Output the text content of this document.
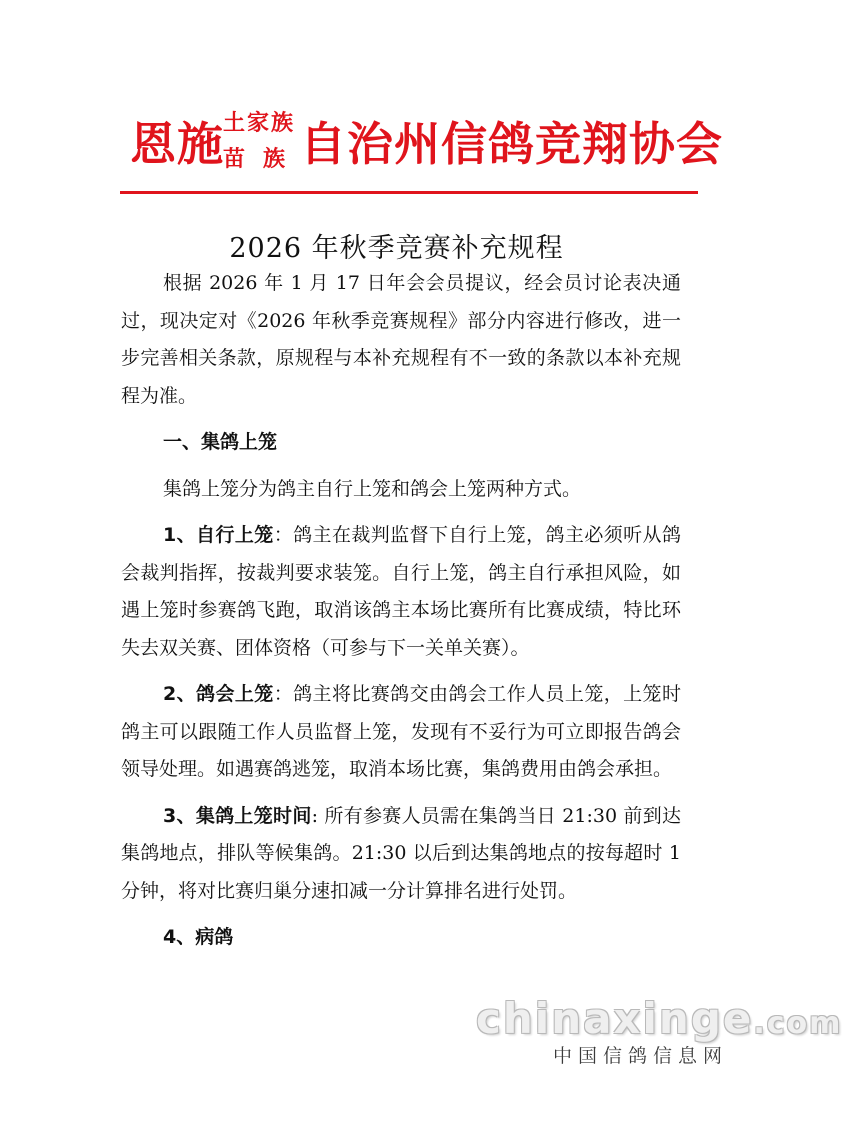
恩施 土家族
苗族
自治州信鸽竞翔协会
2026 年秋季竞赛补充规程

根据 2026 年 1 月 17 日年会会员提议，经会员讨论表决通过，现决定对《2026 年秋季竞赛规程》部分内容进行修改，进一步完善相关条款，原规程与本补充规程有不一致的条款以本补充规程为准。

一、集鸽上笼

集鸽上笼分为鸽主自行上笼和鸽会上笼两种方式。

1、自行上笼：鸽主在裁判监督下自行上笼，鸽主必须听从鸽会裁判指挥，按裁判要求装笼。自行上笼，鸽主自行承担风险，如遇上笼时参赛鸽飞跑，取消该鸽主本场比赛所有比赛成绩，特比环失去双关赛、团体资格（可参与下一关单关赛）。

2、鸽会上笼：鸽主将比赛鸽交由鸽会工作人员上笼，上笼时鸽主可以跟随工作人员监督上笼，发现有不妥行为可立即报告鸽会领导处理。如遇赛鸽逃笼，取消本场比赛，集鸽费用由鸽会承担。

3、集鸽上笼时间: 所有参赛人员需在集鸽当日 21:30 前到达集鸽地点，排队等候集鸽。21:30 以后到达集鸽地点的按每超时 1 分钟，将对比赛归巢分速扣减一分计算排名进行处罚。

4、病鸽

chinaxinge.com
中国信鸽信息网
